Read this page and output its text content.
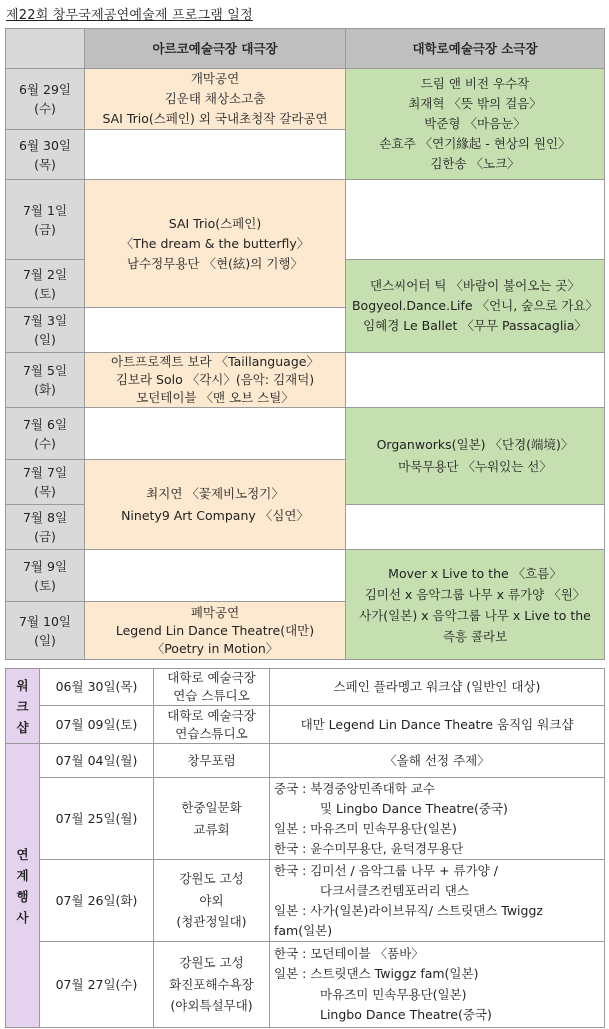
제22회 창무국제공연예술제 프로그램 일정
	아르코예술극장 대극장	대학로예술극장 소극장

6월 29일
(수)	개막공연
김운태 채상소고춤
SAI Trio(스페인) 외 국내초청작 갈라공연	드림 앤 비전 우수작
최재혁 〈뜻 밖의 걸음〉
박준형 〈마음눈〉
손효주 〈연기緣起 - 현상의 원인〉
김한송 〈노크〉

6월 30일
(목)		

7월 1일
(금)	SAI Trio(스페인)
〈The dream & the butterfly〉
남수정무용단 〈현(絃)의 기행〉	

7월 2일
(토)		댄스씨어터 틱 〈바람이 불어오는 곳〉
Bogyeol.Dance.Life 〈언니, 숲으로 가요〉
임혜경 Le Ballet 〈무무 Passacaglia〉

7월 3일
(일)		

7월 5일
(화)	아트프로젝트 보라 〈Taillanguage〉
김보라 Solo 〈각시〉(음악: 김재덕)
모던테이블 〈맨 오브 스틸〉	

7월 6일
(수)		Organworks(일본) 〈단경(端境)〉
마묵무용단 〈누워있는 선〉

7월 7일
(목)	최지연 〈꽃제비노정기〉
Ninety9 Art Company 〈심연〉	

7월 8일
(금)		

7월 9일
(토)		Mover x Live to the 〈흐름〉
김미선 x 음악그룹 나무 x 류가양 〈원〉
사가(일본) x 음악그룹 나무 x Live to the
즉흥 콜라보

7월 10일
(일)	폐막공연
Legend Lin Dance Theatre(대만)
〈Poetry in Motion〉	
워
크
샵	06월 30일(목)	대학로 예술극장
연습 스튜디오	스페인 플라멩고 워크샵 (일반인 대상)
	07월 09일(토)	대학로 예술극장
연습스튜디오	대만 Legend Lin Dance Theatre 움직임 워크샵

연
계
행
사	07월 04일(월)	창무포럼	〈올해 선정 주제〉
	07월 25일(월)	한중일문화
교류회	중국 : 북경중앙민족대학 교수
및 Lingbo Dance Theatre(중국)
일본 : 마유즈미 민속무용단(일본)
한국 : 윤수미무용단, 윤덕경무용단

	07월 26일(화)	강원도 고성
야외
(청관정일대)	한국 : 김미선 / 음악그룹 나무 + 류가양 /
다크서클즈컨템포러리 댄스
일본 : 사가(일본)라이브뮤직/ 스트릿댄스 Twiggz
fam(일본)

	07월 27일(수)	강원도 고성
화진포해수욕장
(야외특설무대)	한국 : 모던테이블 〈품바〉
일본 : 스트릿댄스 Twiggz fam(일본)
마유즈미 민속무용단(일본)
Lingbo Dance Theatre(중국)
